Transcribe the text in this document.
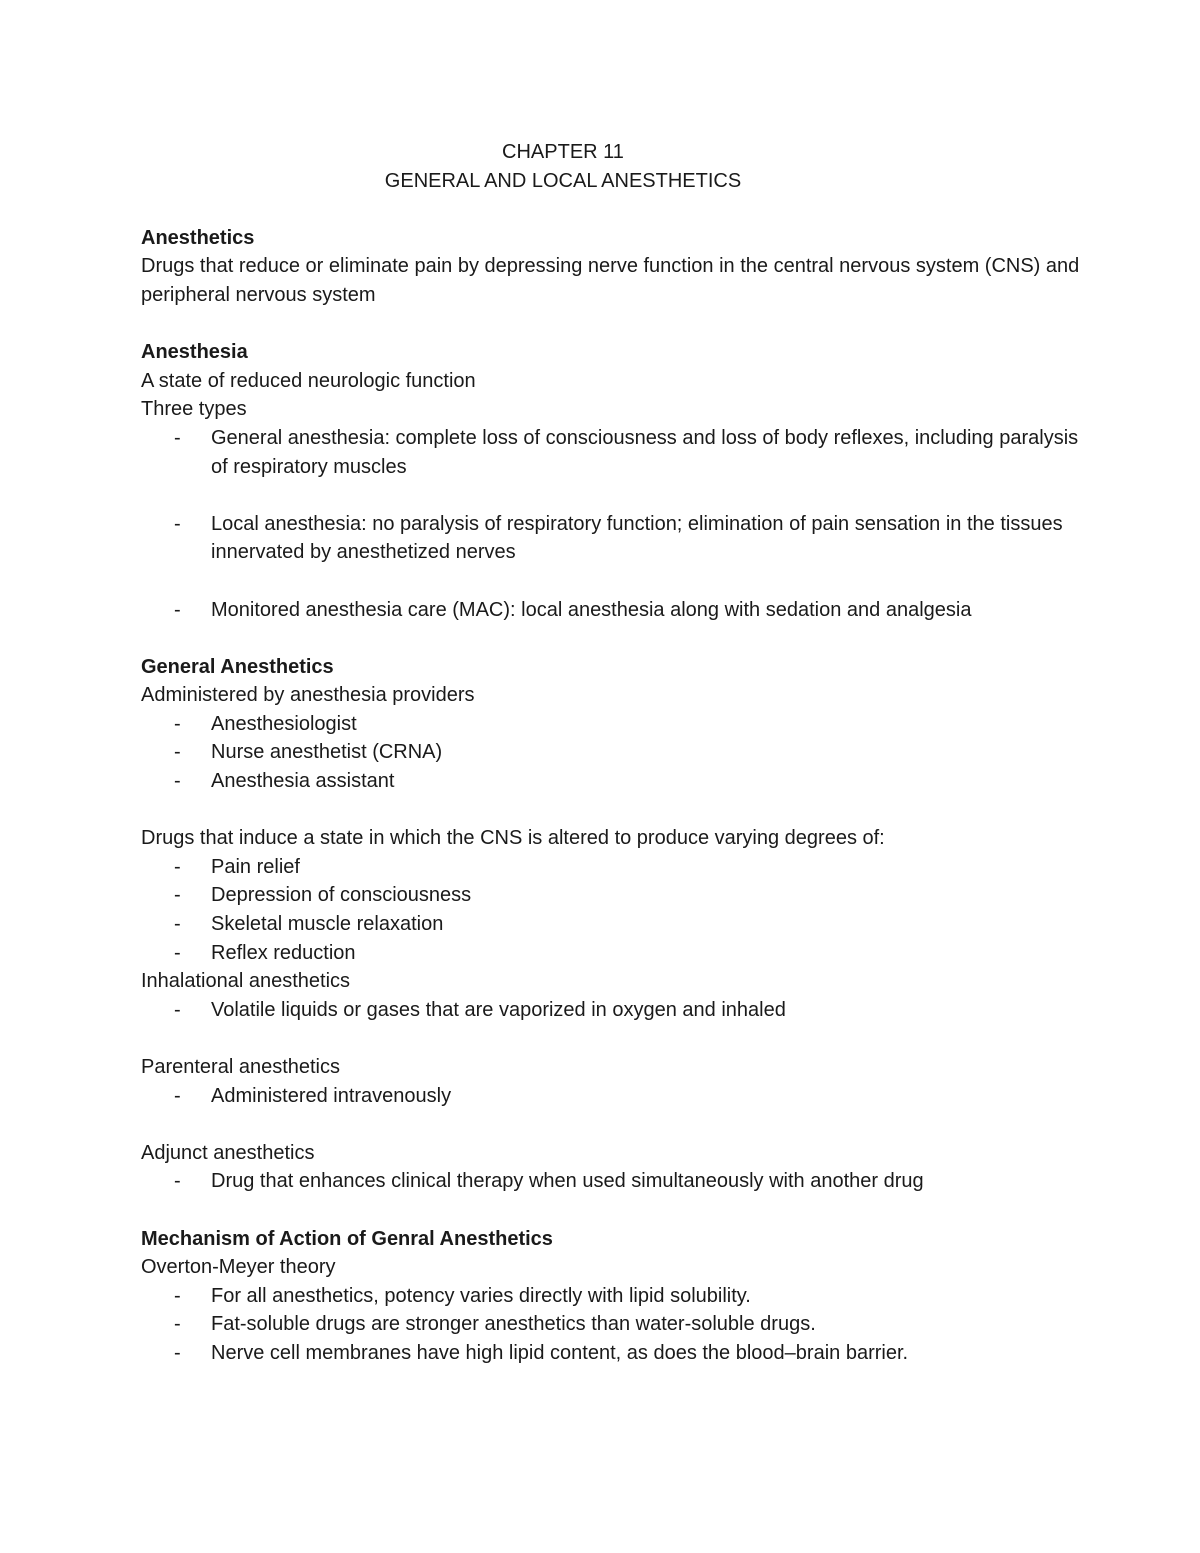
CHAPTER 11
GENERAL AND LOCAL ANESTHETICS
Anesthetics
Drugs that reduce or eliminate pain by depressing nerve function in the central nervous system (CNS) and peripheral nervous system
Anesthesia
A state of reduced neurologic function
Three types
- General anesthesia: complete loss of consciousness and loss of body reflexes, including paralysis of respiratory muscles
- Local anesthesia: no paralysis of respiratory function; elimination of pain sensation in the tissues innervated by anesthetized nerves
- Monitored anesthesia care (MAC): local anesthesia along with sedation and analgesia
General Anesthetics
Administered by anesthesia providers
- Anesthesiologist
- Nurse anesthetist (CRNA)
- Anesthesia assistant
Drugs that induce a state in which the CNS is altered to produce varying degrees of:
- Pain relief
- Depression of consciousness
- Skeletal muscle relaxation
- Reflex reduction
Inhalational anesthetics
- Volatile liquids or gases that are vaporized in oxygen and inhaled
Parenteral anesthetics
- Administered intravenously
Adjunct anesthetics
- Drug that enhances clinical therapy when used simultaneously with another drug
Mechanism of Action of Genral Anesthetics
Overton-Meyer theory
- For all anesthetics, potency varies directly with lipid solubility.
- Fat-soluble drugs are stronger anesthetics than water-soluble drugs.
- Nerve cell membranes have high lipid content, as does the blood–brain barrier.
